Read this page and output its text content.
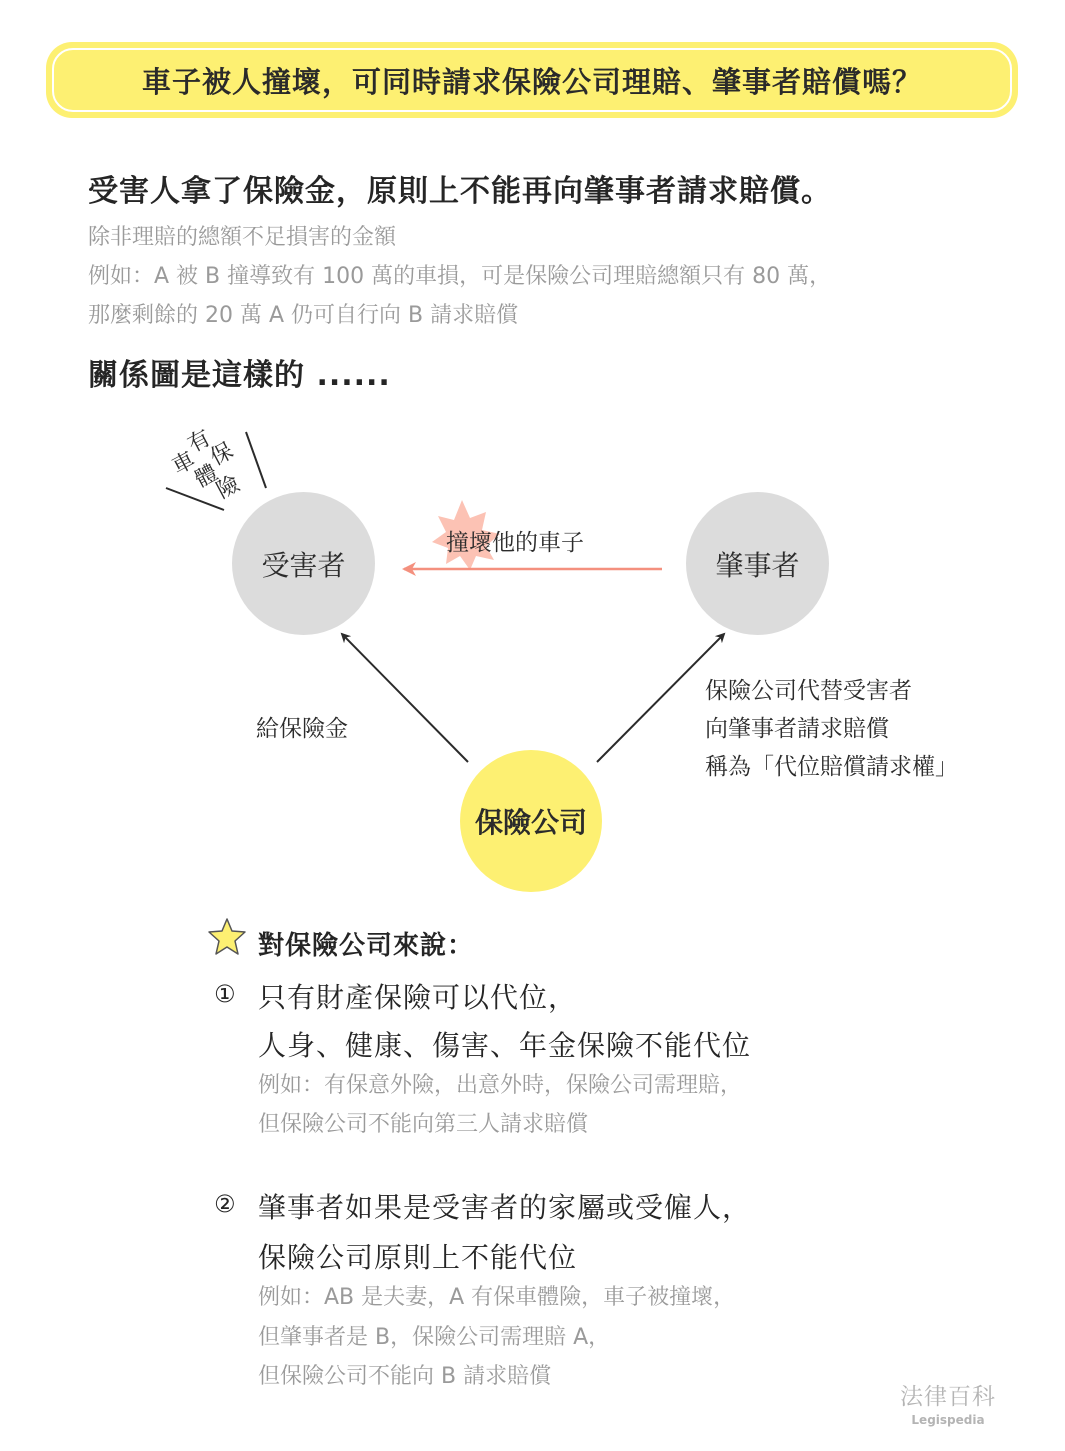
車子被人撞壞，可同時請求保險公司理賠、肇事者賠償嗎？
受害人拿了保險金，原則上不能再向肇事者請求賠償。
除非理賠的總額不足損害的金額
例如：A 被 B 撞導致有 100 萬的車損，可是保險公司理賠總額只有 80 萬，
那麼剩餘的 20 萬 A 仍可自行向 B 請求賠償
關係圖是這樣的 ......
車
有
體
保
險
受害者	肇事者
保險公司
撞壞他的車子
給保險金
保險公司代替受害者
向肇事者請求賠償
稱為「代位賠償請求權」
對保險公司來說：
① 只有財產保險可以代位，
人身、健康、傷害、年金保險不能代位
例如：有保意外險，出意外時，保險公司需理賠，
但保險公司不能向第三人請求賠償
② 肇事者如果是受害者的家屬或受僱人，
保險公司原則上不能代位
例如：AB 是夫妻，A 有保車體險，車子被撞壞，
但肇事者是 B，保險公司需理賠 A，
但保險公司不能向 B 請求賠償
法律百科
Legispedia
